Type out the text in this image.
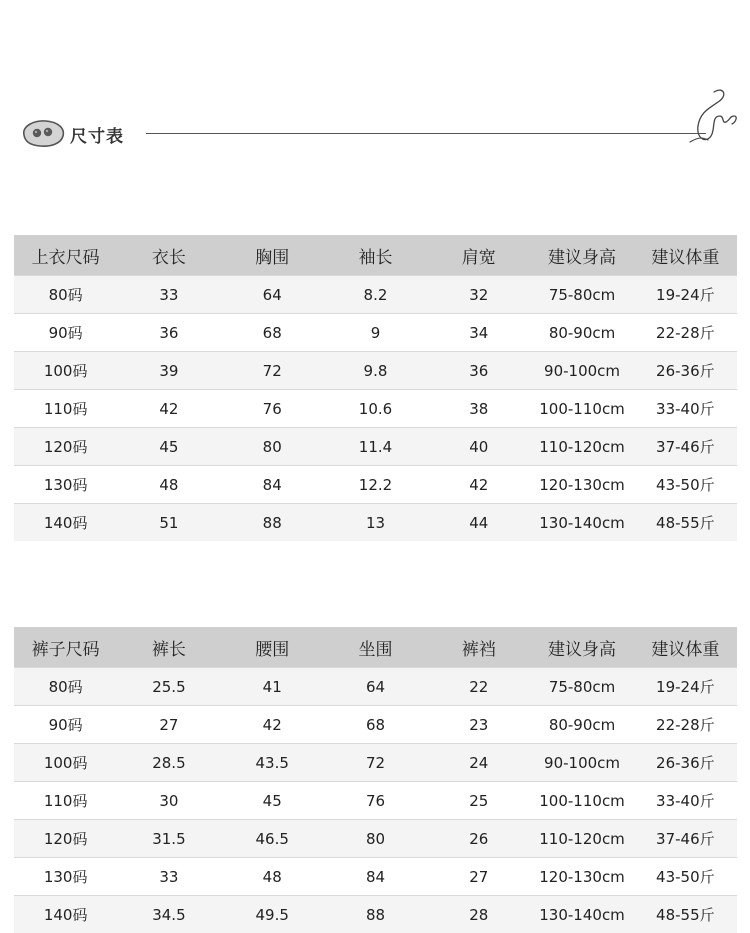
尺寸表
上衣尺码	衣长	胸围	袖长	肩宽	建议身高	建议体重
80码	33	64	8.2	32	75-80cm	19-24斤
90码	36	68	9	34	80-90cm	22-28斤
100码	39	72	9.8	36	90-100cm	26-36斤
110码	42	76	10.6	38	100-110cm	33-40斤
120码	45	80	11.4	40	110-120cm	37-46斤
130码	48	84	12.2	42	120-130cm	43-50斤
140码	51	88	13	44	130-140cm	48-55斤
裤子尺码	裤长	腰围	坐围	裤裆	建议身高	建议体重
80码	25.5	41	64	22	75-80cm	19-24斤
90码	27	42	68	23	80-90cm	22-28斤
100码	28.5	43.5	72	24	90-100cm	26-36斤
110码	30	45	76	25	100-110cm	33-40斤
120码	31.5	46.5	80	26	110-120cm	37-46斤
130码	33	48	84	27	120-130cm	43-50斤
140码	34.5	49.5	88	28	130-140cm	48-55斤
